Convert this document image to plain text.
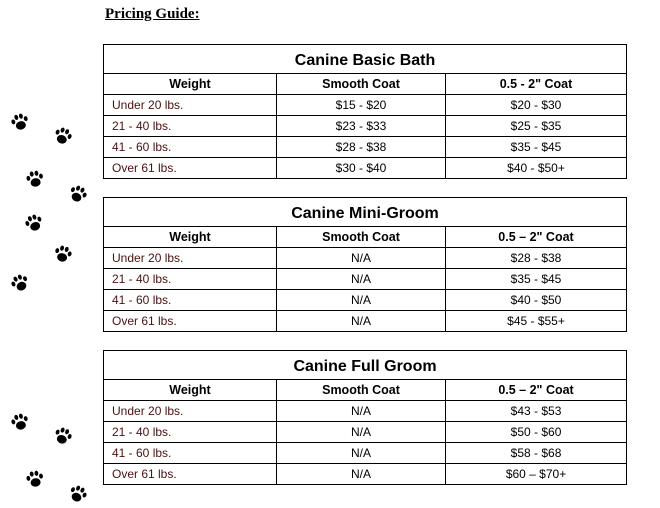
Pricing Guide:
Canine Basic Bath		
Weight	Smooth Coat	0.5 - 2" Coat
Under 20 lbs.	$15 - $20	$20 - $30
21 - 40 lbs.	$23 - $33	$25 - $35
41 - 60 lbs.	$28 - $38	$35 - $45
Over 61 lbs.	$30 - $40	$40 - $50+
Canine Mini-Groom		
Weight	Smooth Coat	0.5 – 2" Coat
Under 20 lbs.	N/A	$28 - $38
21 - 40 lbs.	N/A	$35 - $45
41 - 60 lbs.	N/A	$40 - $50
Over 61 lbs.	N/A	$45 - $55+
Canine Full Groom		
Weight	Smooth Coat	0.5 – 2" Coat
Under 20 lbs.	N/A	$43 - $53
21 - 40 lbs.	N/A	$50 - $60
41 - 60 lbs.	N/A	$58 - $68
Over 61 lbs.	N/A	$60 – $70+
